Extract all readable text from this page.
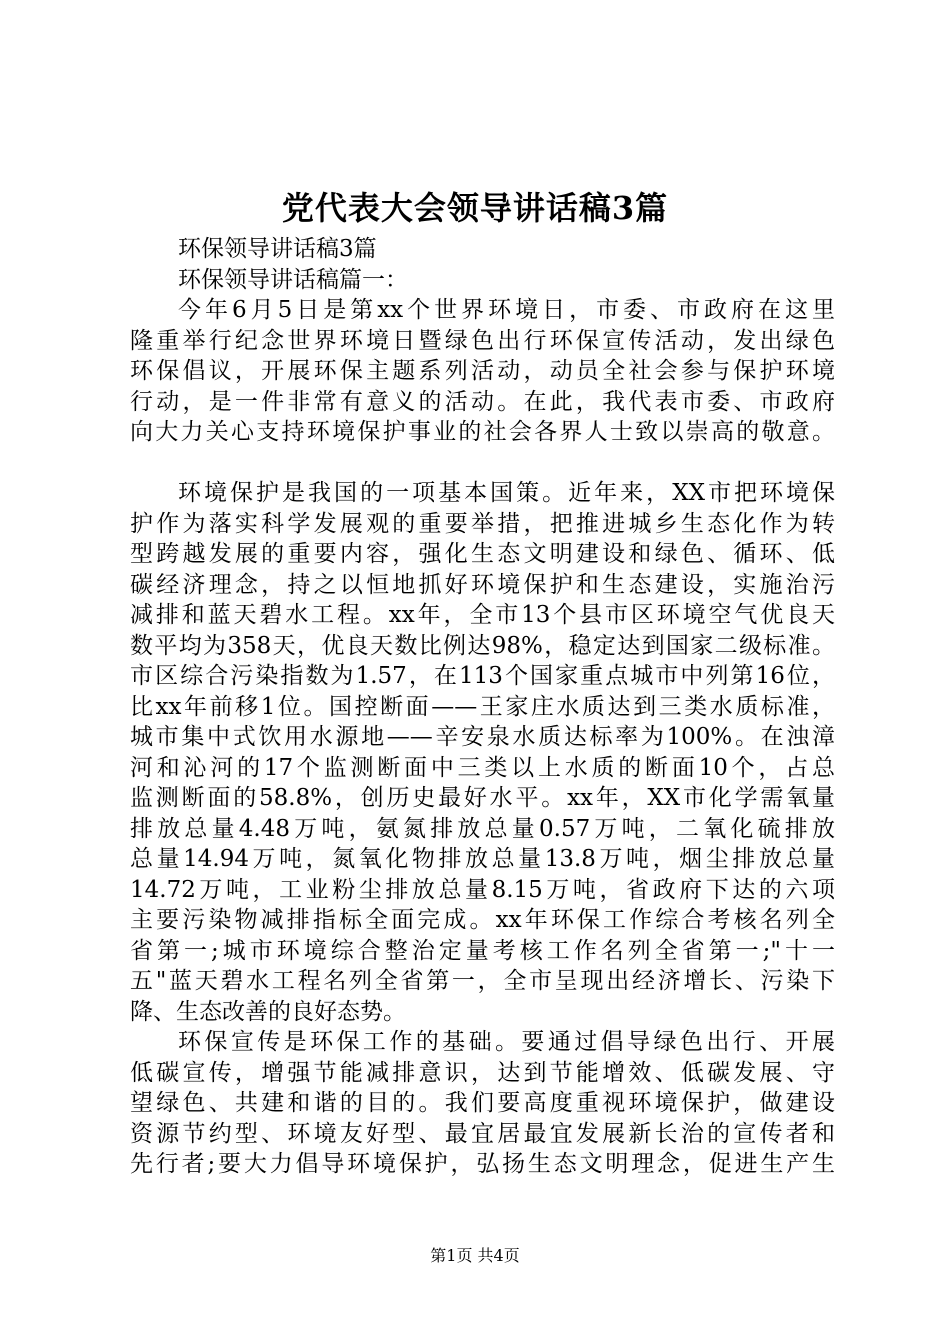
党代表大会领导讲话稿3篇
环保领导讲话稿3篇
环保领导讲话稿篇一：
今年6月5日是第xx个世界环境日，市委、市政府在这里
隆重举行纪念世界环境日暨绿色出行环保宣传活动，发出绿色
环保倡议，开展环保主题系列活动，动员全社会参与保护环境
行动，是一件非常有意义的活动。在此，我代表市委、市政府
向大力关心支持环境保护事业的社会各界人士致以崇高的敬意。
环境保护是我国的一项基本国策。近年来，XX市把环境保
护作为落实科学发展观的重要举措，把推进城乡生态化作为转
型跨越发展的重要内容，强化生态文明建设和绿色、循环、低
碳经济理念，持之以恒地抓好环境保护和生态建设，实施治污
减排和蓝天碧水工程。xx年，全市13个县市区环境空气优良天
数平均为358天，优良天数比例达98%，稳定达到国家二级标准。
市区综合污染指数为1.57，在113个国家重点城市中列第16位，
比xx年前移1位。国控断面——王家庄水质达到三类水质标准，
城市集中式饮用水源地——辛安泉水质达标率为100%。在浊漳
河和沁河的17个监测断面中三类以上水质的断面10个，占总
监测断面的58.8%，创历史最好水平。xx年，XX市化学需氧量
排放总量4.48万吨，氨氮排放总量0.57万吨，二氧化硫排放
总量14.94万吨，氮氧化物排放总量13.8万吨，烟尘排放总量
14.72万吨，工业粉尘排放总量8.15万吨，省政府下达的六项
主要污染物减排指标全面完成。xx年环保工作综合考核名列全
省第一;城市环境综合整治定量考核工作名列全省第一;"十一
五"蓝天碧水工程名列全省第一，全市呈现出经济增长、污染下
降、生态改善的良好态势。
环保宣传是环保工作的基础。要通过倡导绿色出行、开展
低碳宣传，增强节能减排意识，达到节能增效、低碳发展、守
望绿色、共建和谐的目的。我们要高度重视环境保护，做建设
资源节约型、环境友好型、最宜居最宜发展新长治的宣传者和
先行者;要大力倡导环境保护，弘扬生态文明理念，促进生产生
第1页 共4页
